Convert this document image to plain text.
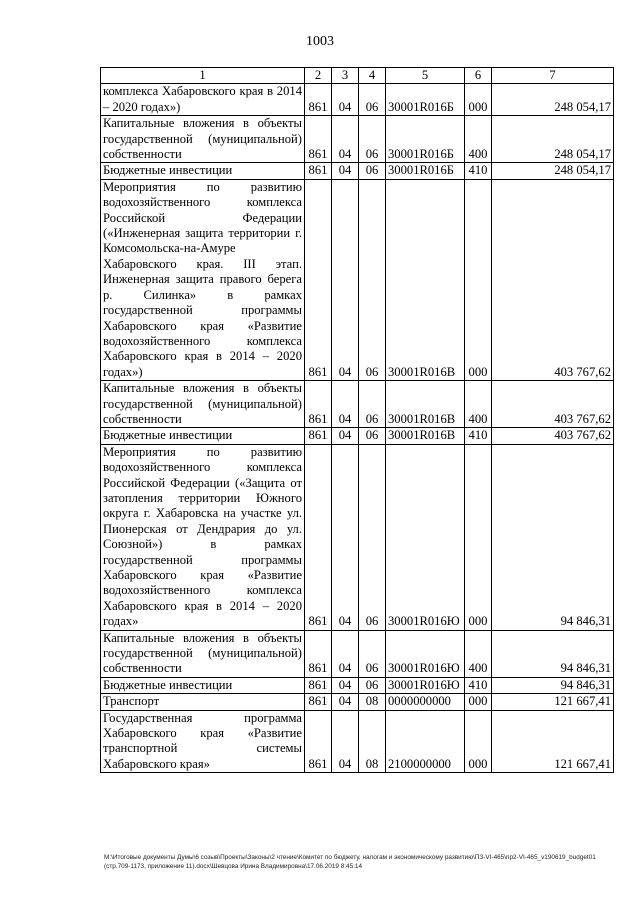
1003
1	2	3	4	5	6	7
комплекса Хабаровского края в 2014 – 2020 годах»)	861	04	06	30001R016Б	000	248 054,17
Капитальные вложения в объекты государственной (муниципальной) собственности	861	04	06	30001R016Б	400	248 054,17
Бюджетные инвестиции	861	04	06	30001R016Б	410	248 054,17
Мероприятия по развитию водохозяйственного комплекса Российской Федерации («Инженерная защита территории г. Комсомольска-на-Амуре Хабаровского края. III этап. Инженерная защита правого берега р. Силинка» в рамках государственной программы Хабаровского края «Развитие водохозяйственного комплекса Хабаровского края в 2014 – 2020 годах»)	861	04	06	30001R016В	000	403 767,62
Капитальные вложения в объекты государственной (муниципальной) собственности	861	04	06	30001R016В	400	403 767,62
Бюджетные инвестиции	861	04	06	30001R016В	410	403 767,62
Мероприятия по развитию водохозяйственного комплекса Российской Федерации («Защита от затопления территории Южного округа г. Хабаровска на участке ул. Пионерская от Дендрария до ул. Союзной») в рамках государственной программы Хабаровского края «Развитие водохозяйственного комплекса Хабаровского края в 2014 – 2020 годах»	861	04	06	30001R016Ю	000	94 846,31
Капитальные вложения в объекты государственной (муниципальной) собственности	861	04	06	30001R016Ю	400	94 846,31
Бюджетные инвестиции	861	04	06	30001R016Ю	410	94 846,31
Транспорт	861	04	08	0000000000	000	121 667,41
Государственная программа Хабаровского края «Развитие транспортной системы Хабаровского края»	861	04	08	2100000000	000	121 667,41
M:\Итоговые документы Думы\6 созыв\Проекты\Законы\2 чтение\Комитет по бюджету, налогам и экономическому развитию\ПЗ-VI-465\пр2-VI-465_v190619_budget01 (стр.709-1173, приложение 11).docx\Шевцова Ирина Владимировна\17.06.2019 8:45:14
